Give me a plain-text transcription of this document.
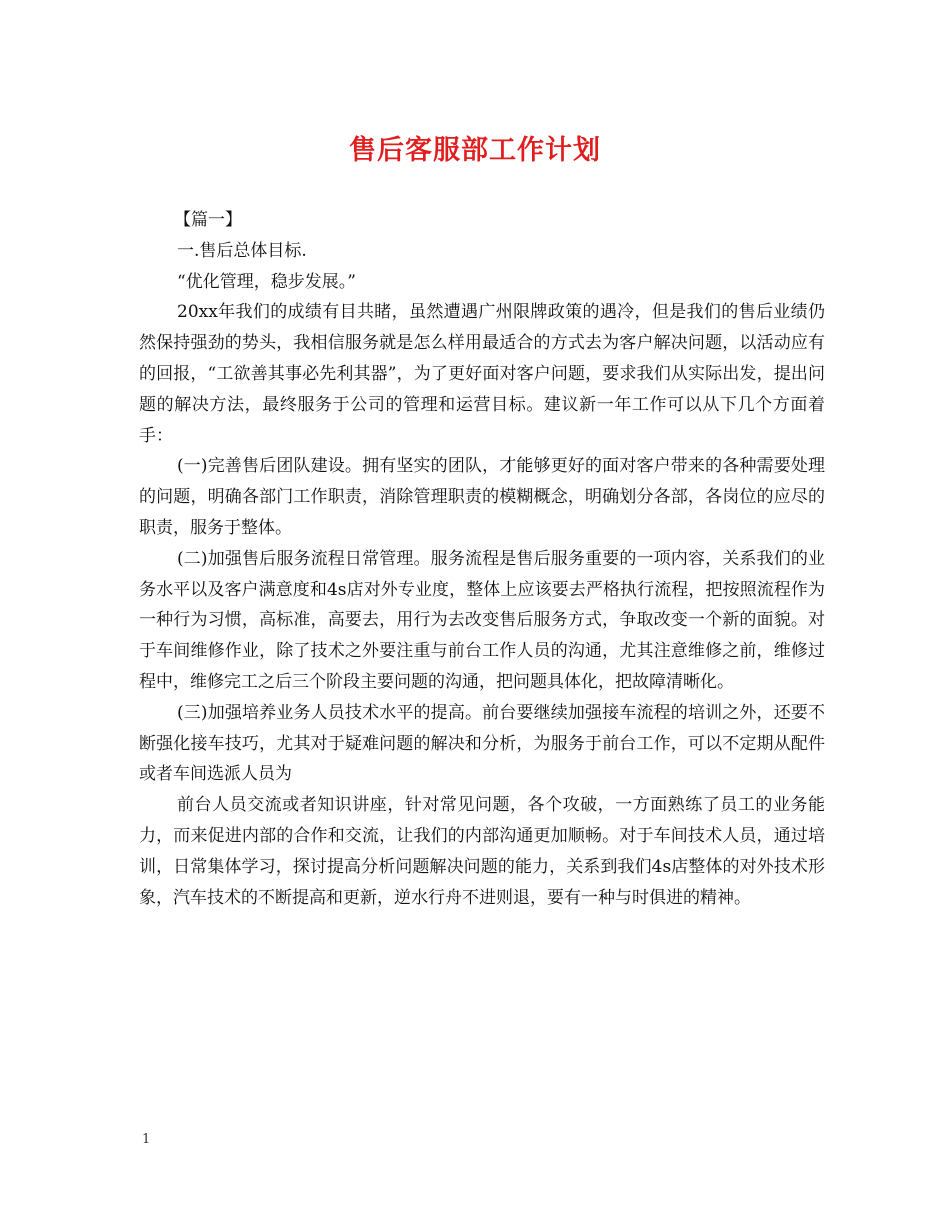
售后客服部工作计划

【篇一】

一.售后总体目标.

“优化管理，稳步发展。”

20xx年我们的成绩有目共睹，虽然遭遇广州限牌政策的遇冷，但是我们的售后业绩仍然保持强劲的势头，我相信服务就是怎么样用最适合的方式去为客户解决问题，以活动应有的回报，“工欲善其事必先利其器”，为了更好面对客户问题，要求我们从实际出发，提出问题的解决方法，最终服务于公司的管理和运营目标。建议新一年工作可以从下几个方面着手：

(一)完善售后团队建设。拥有坚实的团队，才能够更好的面对客户带来的各种需要处理的问题，明确各部门工作职责，消除管理职责的模糊概念，明确划分各部，各岗位的应尽的职责，服务于整体。

(二)加强售后服务流程日常管理。服务流程是售后服务重要的一项内容，关系我们的业务水平以及客户满意度和4s店对外专业度，整体上应该要去严格执行流程，把按照流程作为一种行为习惯，高标准，高要去，用行为去改变售后服务方式，争取改变一个新的面貌。对于车间维修作业，除了技术之外要注重与前台工作人员的沟通，尤其注意维修之前，维修过程中，维修完工之后三个阶段主要问题的沟通，把问题具体化，把故障清晰化。

(三)加强培养业务人员技术水平的提高。前台要继续加强接车流程的培训之外，还要不断强化接车技巧，尤其对于疑难问题的解决和分析，为服务于前台工作，可以不定期从配件或者车间选派人员为

前台人员交流或者知识讲座，针对常见问题，各个攻破，一方面熟练了员工的业务能力，而来促进内部的合作和交流，让我们的内部沟通更加顺畅。对于车间技术人员，通过培训，日常集体学习，探讨提高分析问题解决问题的能力，关系到我们4s店整体的对外技术形象，汽车技术的不断提高和更新，逆水行舟不进则退，要有一种与时俱进的精神。

1
